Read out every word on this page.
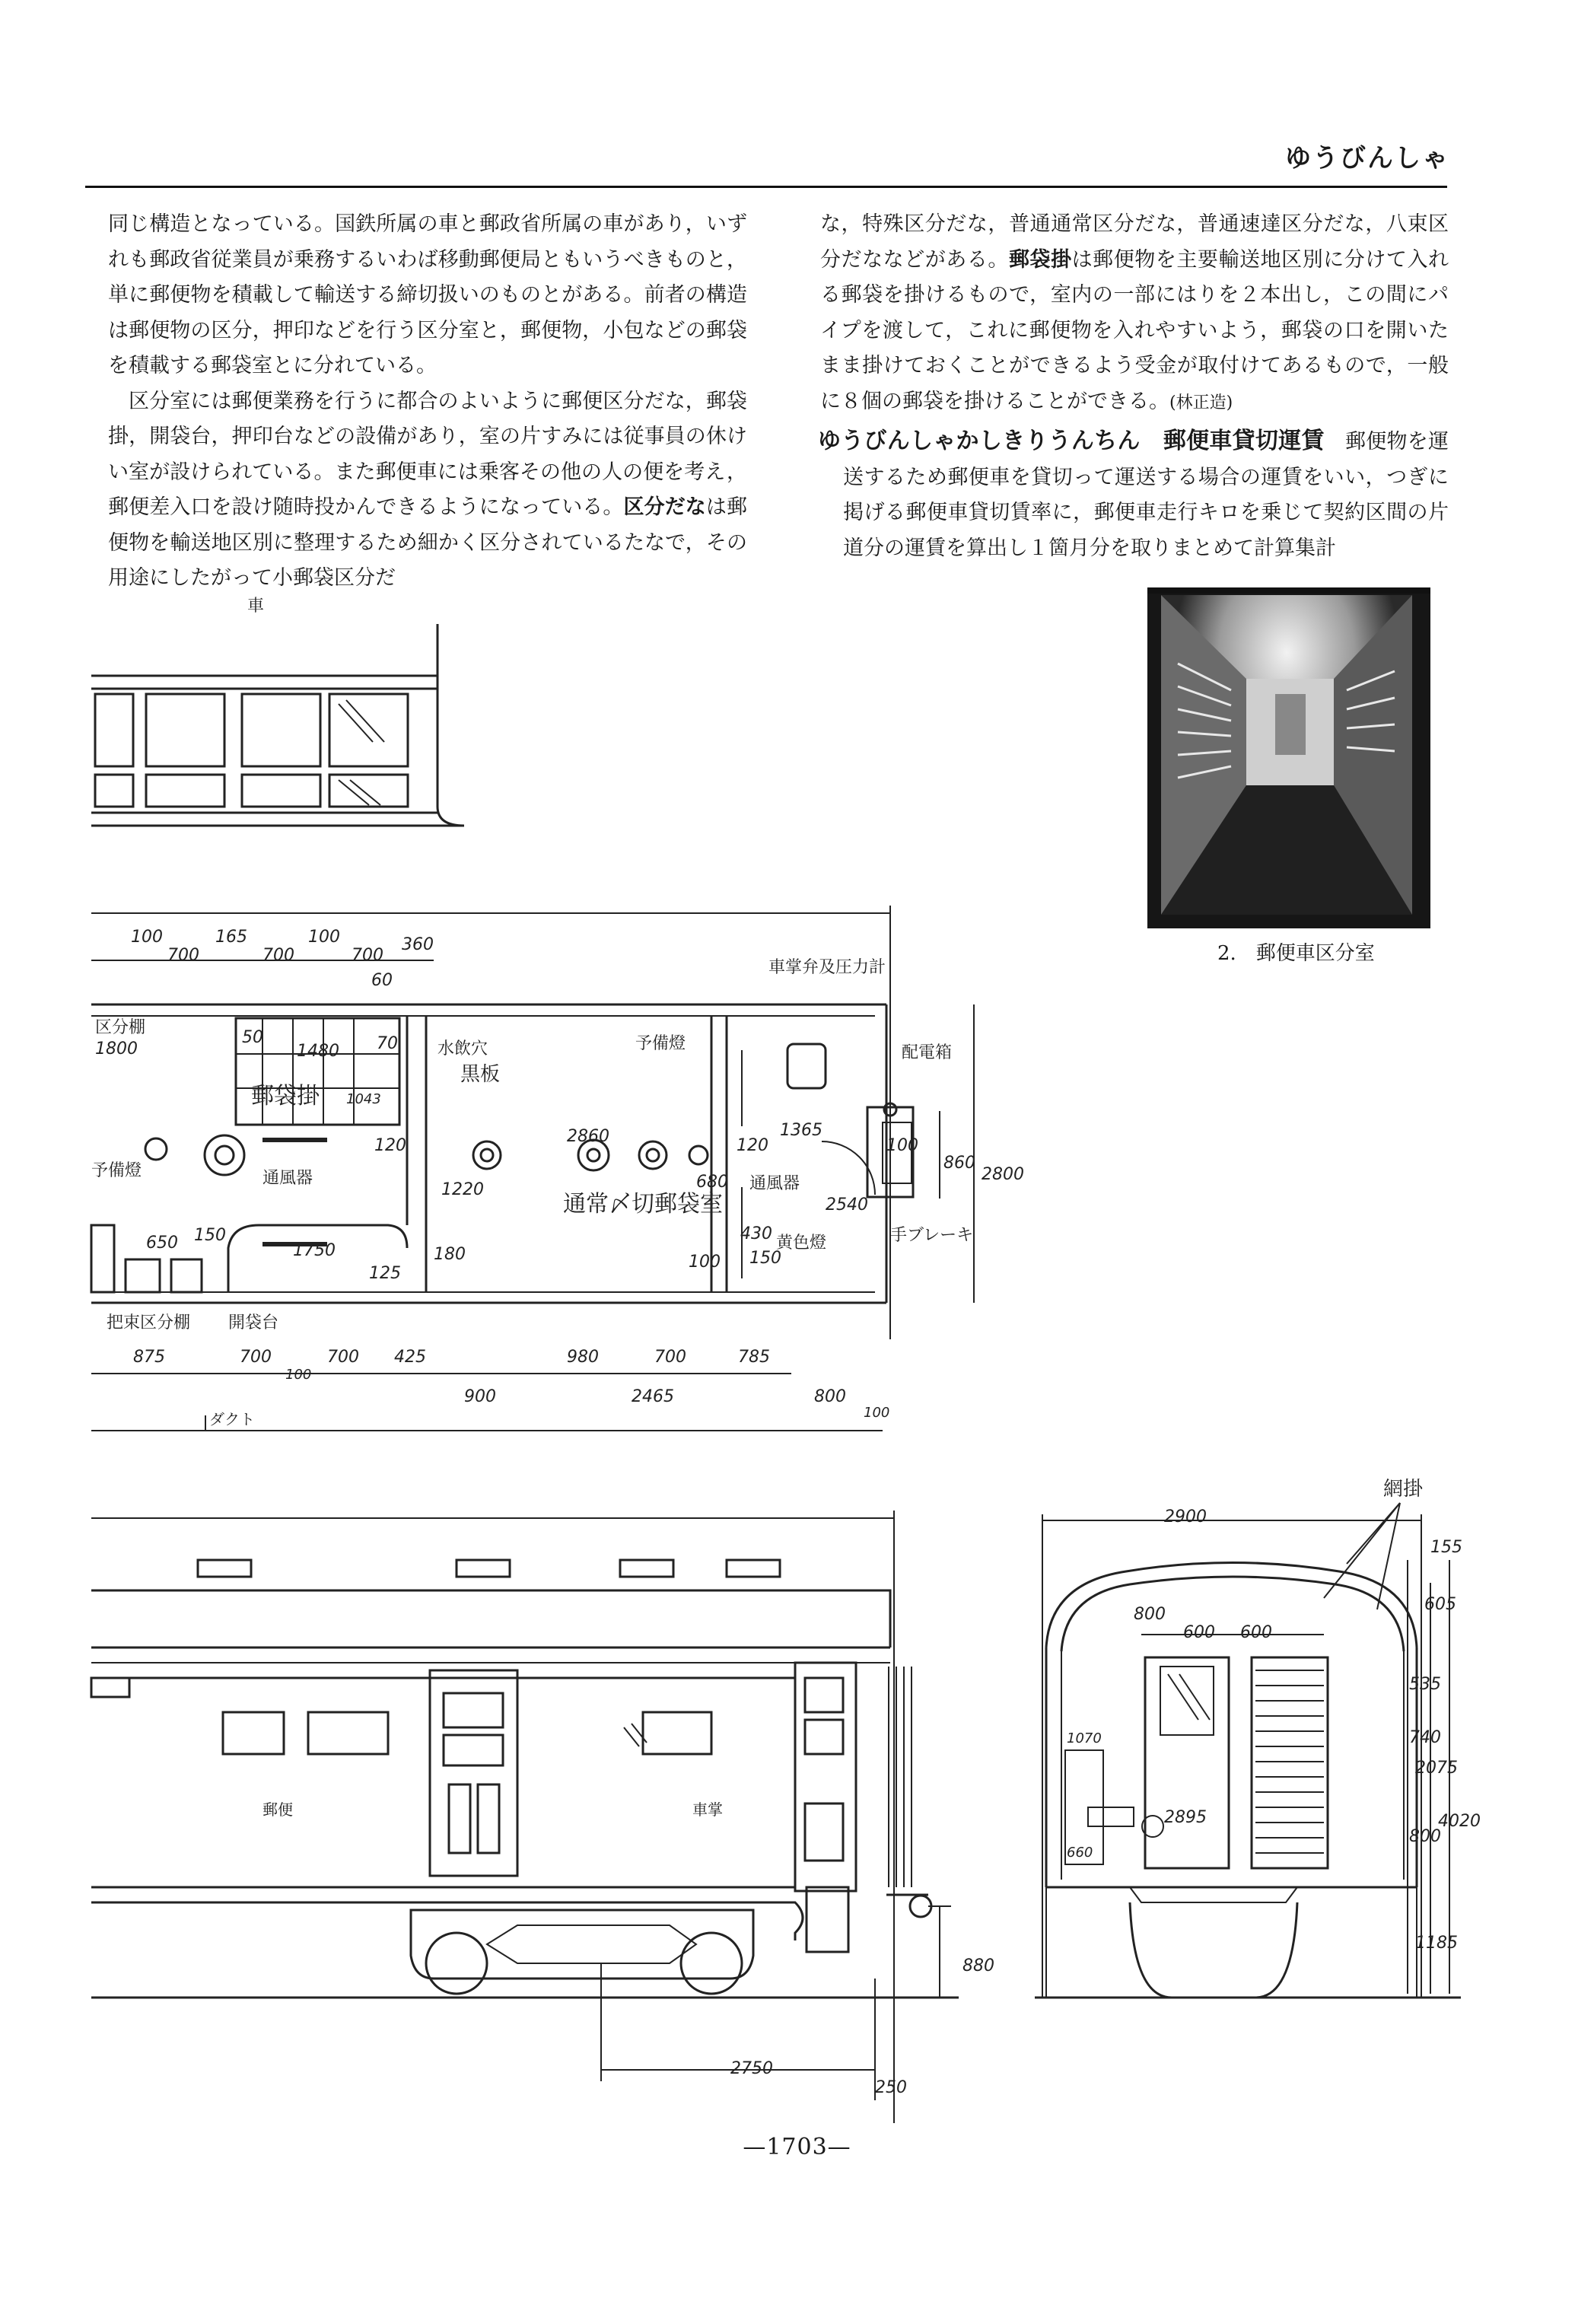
ゆうびんしゃ

同じ構造となっている。国鉄所属の車と郵政省所属の車があり，いずれも郵政省従業員が乗務するいわば移動郵便局ともいうべきものと，単に郵便物を積載して輸送する締切扱いのものとがある。前者の構造は郵便物の区分，押印などを行う区分室と，郵便物，小包などの郵袋を積載する郵袋室とに分れている。

区分室には郵便業務を行うに都合のよいように郵便区分だな，郵袋掛，開袋台，押印台などの設備があり，室の片すみには従事員の休けい室が設けられている。また郵便車には乗客その他の人の便を考え，郵便差入口を設け随時投かんできるようになっている。区分だなは郵便物を輸送地区別に整理するため細かく区分されているたなで，その用途にしたがって小郵袋区分だ

な，特殊区分だな，普通通常区分だな，普通速達区分だな，八束区分だななどがある。郵袋掛は郵便物を主要輸送地区別に分けて入れる郵袋を掛けるもので，室内の一部にはりを２本出し，この間にパイプを渡して，これに郵便物を入れやすいよう，郵袋の口を開いたまま掛けておくことができるよう受金が取付けてあるもので，一般に８個の郵袋を掛けることができる。(林正造)

ゆうびんしゃかしきりうんちん　郵便車貸切運賃　 郵便物を運送するため郵便車を貸切って運送する場合の運賃をいい，つぎに掲げる郵便車貸切賃率に，郵便車走行キロを乗じて契約区間の片道分の運賃を算出し１箇月分を取りまとめて計算集計

2.　郵便車区分室
車
100	165	100	360
700	700	700
60
車掌弁及圧力計
区分棚
1800
50
1480 70
郵袋掛 1043
水飲穴
黒板
予備燈	配電箱
予備燈	通風器
120
1220
2860
680
120
1365
100
2540
860
2800
通風器
通常〆切郵袋室
手ブレーキ
黄色燈
650 150
1750
125
180
430
150
100
把束区分棚 開袋台
875	700	700 425
100
980	700	785
900	2465	800
100
ダクト
郵便	車掌
2750
250
880
網掛
2900
800
600 600
155
605
535
740
2075
4020
800
2895
1185
1070
660
—1703—
